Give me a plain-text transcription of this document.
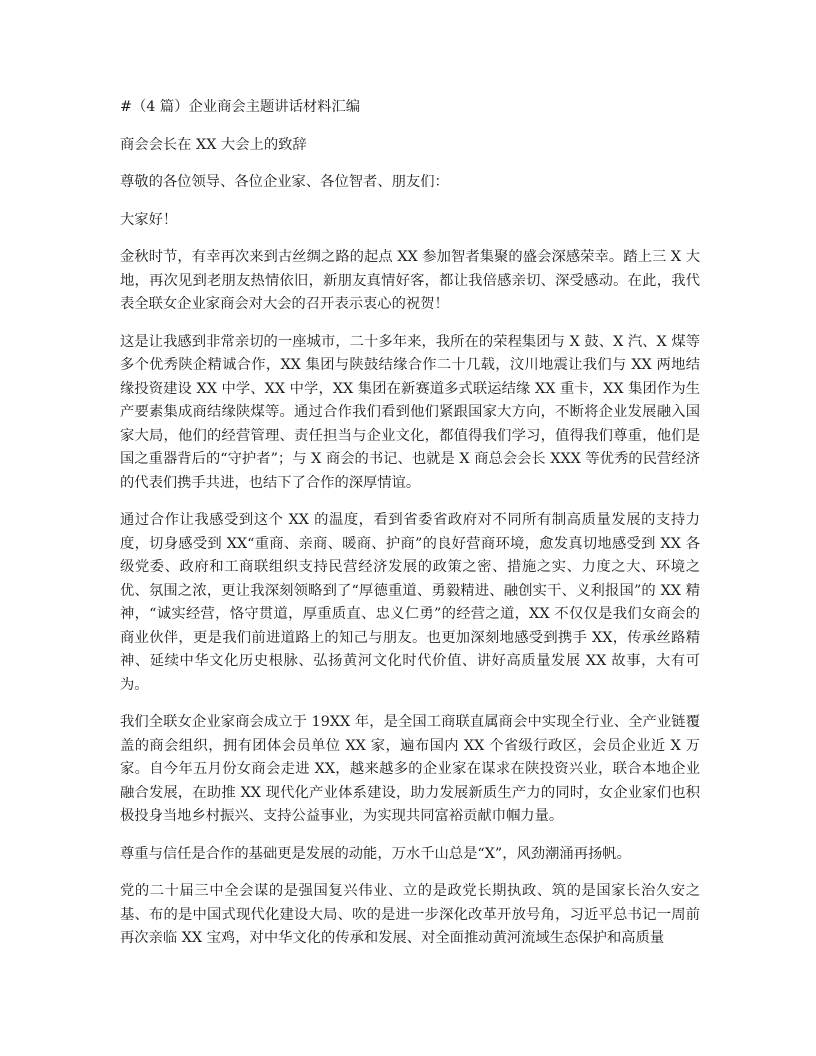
#（4 篇）企业商会主题讲话材料汇编

商会会长在 XX 大会上的致辞

尊敬的各位领导、各位企业家、各位智者、朋友们：

大家好！

金秋时节，有幸再次来到古丝绸之路的起点 XX 参加智者集聚的盛会深感荣幸。踏上三 X 大地，再次见到老朋友热情依旧，新朋友真情好客，都让我倍感亲切、深受感动。在此，我代表全联女企业家商会对大会的召开表示衷心的祝贺！

这是让我感到非常亲切的一座城市，二十多年来，我所在的荣程集团与 X 鼓、X 汽、X 煤等多个优秀陕企精诚合作，XX 集团与陕鼓结缘合作二十几载，汶川地震让我们与 XX 两地结缘投资建设 XX 中学、XX 中学，XX 集团在新赛道多式联运结缘 XX 重卡，XX 集团作为生产要素集成商结缘陕煤等。通过合作我们看到他们紧跟国家大方向，不断将企业发展融入国家大局，他们的经营管理、责任担当与企业文化，都值得我们学习，值得我们尊重，他们是国之重器背后的“守护者”；与 X 商会的书记、也就是 X 商总会会长 XXX 等优秀的民营经济的代表们携手共进，也结下了合作的深厚情谊。

通过合作让我感受到这个 XX 的温度，看到省委省政府对不同所有制高质量发展的支持力度，切身感受到 XX“重商、亲商、暖商、护商”的良好营商环境，愈发真切地感受到 XX 各级党委、政府和工商联组织支持民营经济发展的政策之密、措施之实、力度之大、环境之优、氛围之浓，更让我深刻领略到了“厚德重道、勇毅精进、融创实干、义利报国”的 XX 精神，“诚实经营，恪守贯道，厚重质直、忠义仁勇”的经营之道，XX 不仅仅是我们女商会的商业伙伴，更是我们前进道路上的知己与朋友。也更加深刻地感受到携手 XX，传承丝路精神、延续中华文化历史根脉、弘扬黄河文化时代价值、讲好高质量发展 XX 故事，大有可为。

我们全联女企业家商会成立于 19XX 年，是全国工商联直属商会中实现全行业、全产业链覆盖的商会组织，拥有团体会员单位 XX 家，遍布国内 XX 个省级行政区，会员企业近 X 万家。自今年五月份女商会走进 XX，越来越多的企业家在谋求在陕投资兴业，联合本地企业融合发展，在助推 XX 现代化产业体系建设，助力发展新质生产力的同时，女企业家们也积极投身当地乡村振兴、支持公益事业，为实现共同富裕贡献巾帼力量。

尊重与信任是合作的基础更是发展的动能，万水千山总是“X”，风劲潮涌再扬帆。

党的二十届三中全会谋的是强国复兴伟业、立的是政党长期执政、筑的是国家长治久安之基、布的是中国式现代化建设大局、吹的是进一步深化改革开放号角，习近平总书记一周前再次亲临 XX 宝鸡，对中华文化的传承和发展、对全面推动黄河流域生态保护和高质量
